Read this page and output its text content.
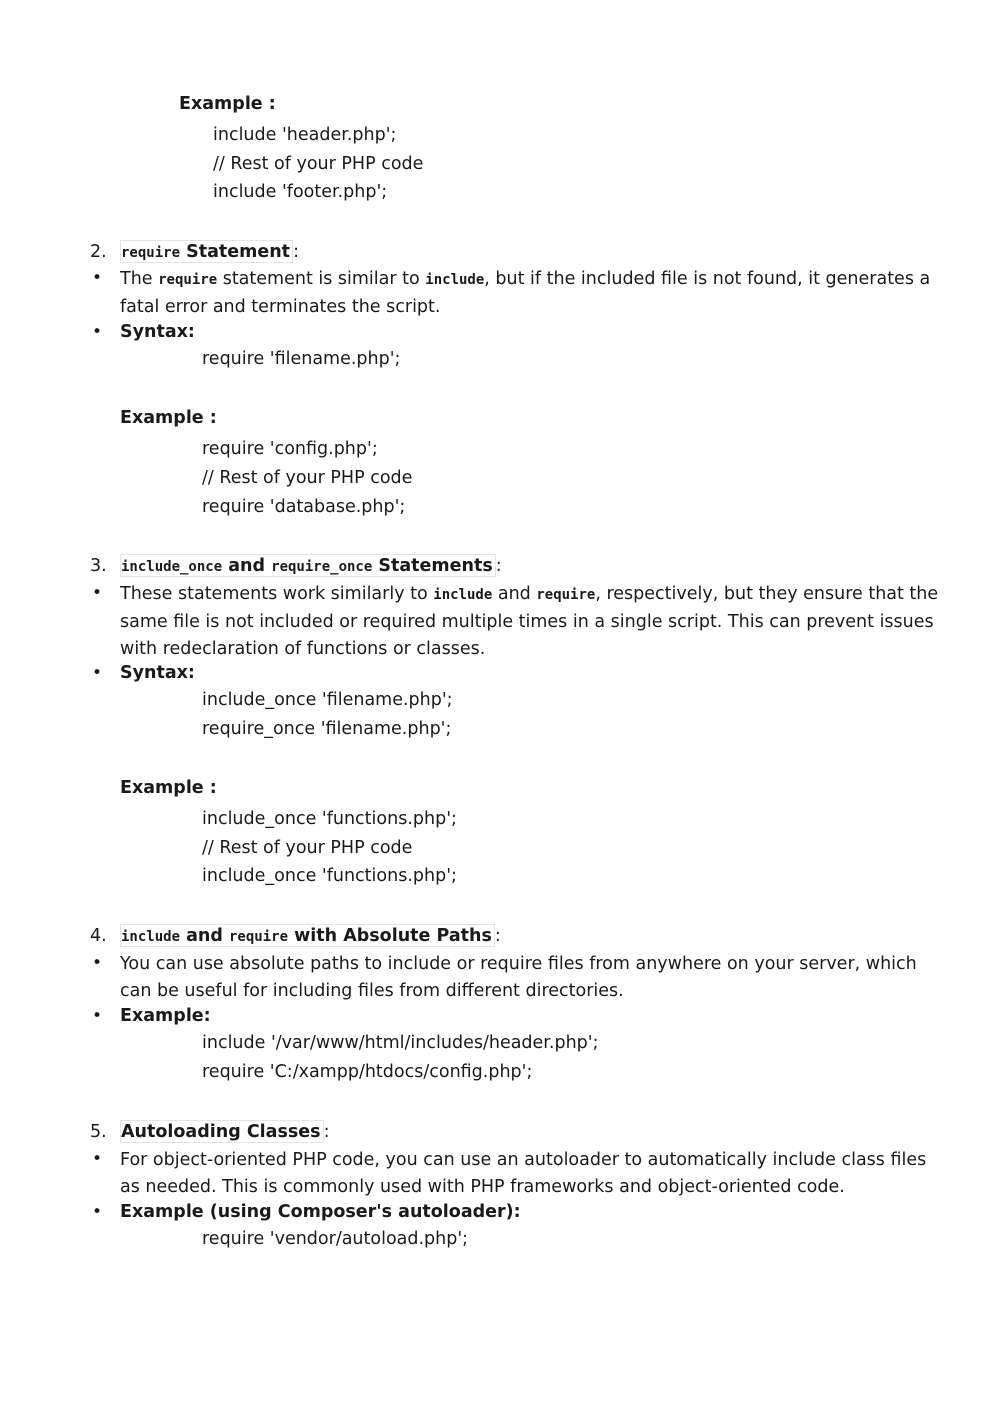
Example :
include 'header.php';
// Rest of your PHP code
include 'footer.php';
2. require Statement :
• The require statement is similar to include, but if the included file is not found, it generates a fatal error and terminates the script.
• Syntax:
require 'filename.php';
Example :
require 'config.php';
// Rest of your PHP code
require 'database.php';
3. include_once and require_once Statements :
• These statements work similarly to include and require, respectively, but they ensure that the same file is not included or required multiple times in a single script. This can prevent issues with redeclaration of functions or classes.
• Syntax:
include_once 'filename.php';
require_once 'filename.php';
Example :
include_once 'functions.php';
// Rest of your PHP code
include_once 'functions.php';
4. include and require with Absolute Paths :
• You can use absolute paths to include or require files from anywhere on your server, which can be useful for including files from different directories.
• Example:
include '/var/www/html/includes/header.php';
require 'C:/xampp/htdocs/config.php';
5. Autoloading Classes :
• For object-oriented PHP code, you can use an autoloader to automatically include class files as needed. This is commonly used with PHP frameworks and object-oriented code.
• Example (using Composer's autoloader):
require 'vendor/autoload.php';
